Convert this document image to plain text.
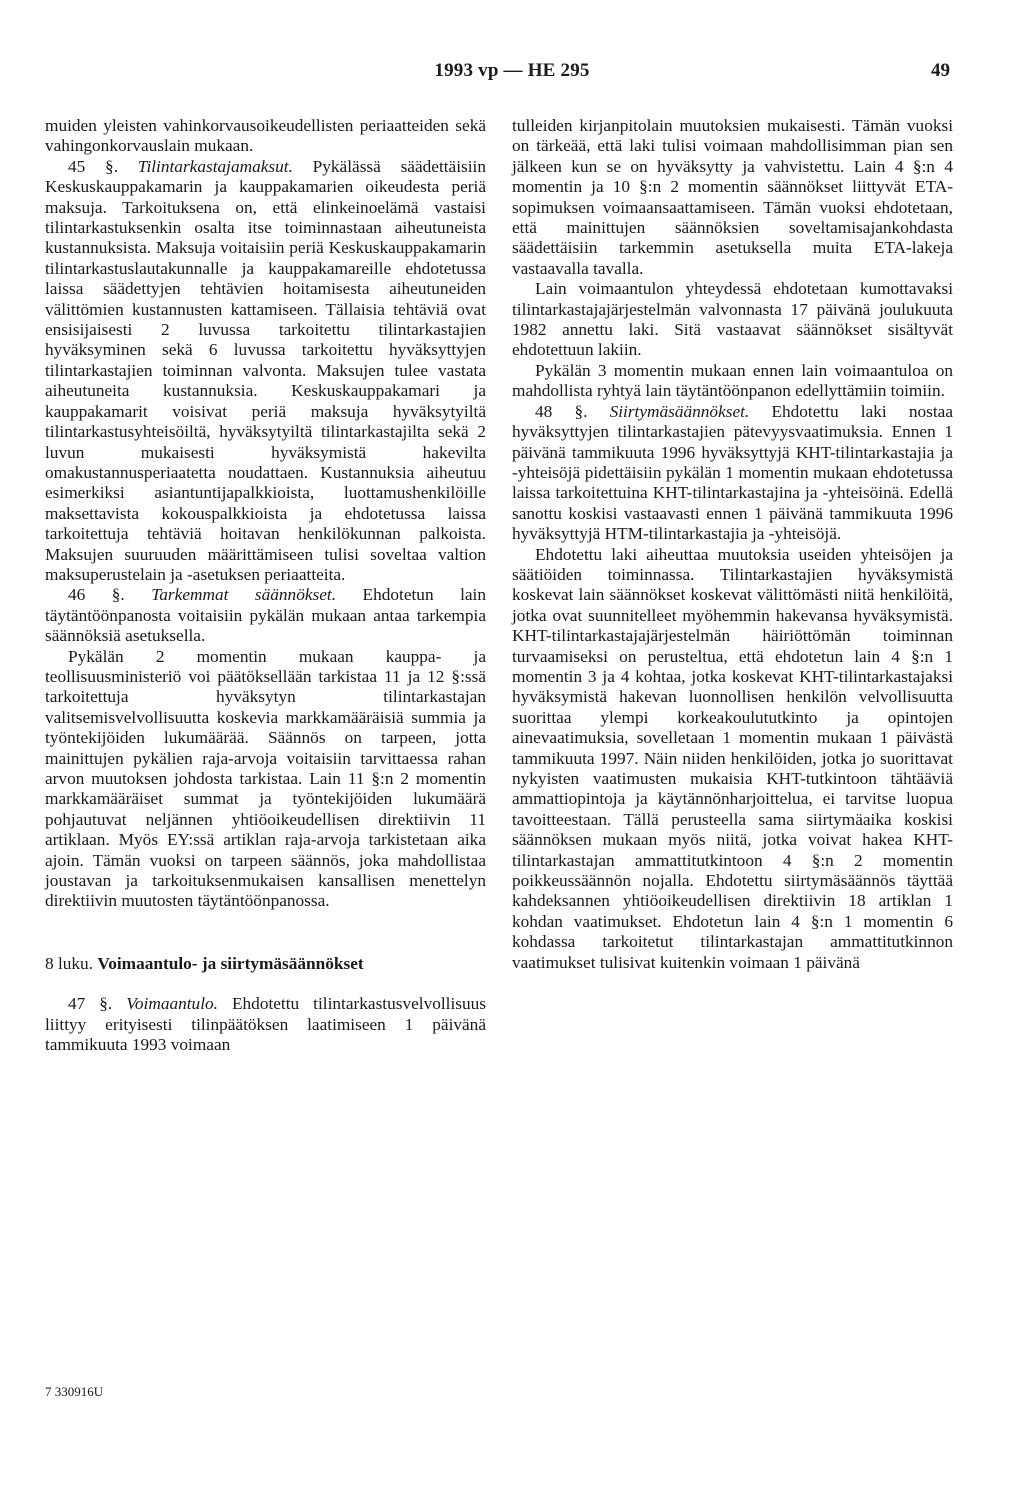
1993 vp — HE 295	49

muiden yleisten vahinkorvausoikeudellisten periaatteiden sekä vahingonkorvauslain mukaan.

45 §. Tilintarkastajamaksut. Pykälässä säädettäisiin Keskuskauppakamarin ja kauppakamarien oikeudesta periä maksuja. Tarkoituksena on, että elinkeinoelämä vastaisi tilintarkastuksenkin osalta itse toiminnastaan aiheutuneista kustannuksista. Maksuja voitaisiin periä Keskuskauppakamarin tilintarkastuslautakunnalle ja kauppakamareille ehdotetussa laissa säädettyjen tehtävien hoitamisesta aiheutuneiden välittömien kustannusten kattamiseen. Tällaisia tehtäviä ovat ensisijaisesti 2 luvussa tarkoitettu tilintarkastajien hyväksyminen sekä 6 luvussa tarkoitettu hyväksyttyjen tilintarkastajien toiminnan valvonta. Maksujen tulee vastata aiheutuneita kustannuksia. Keskuskauppakamari ja kauppakamarit voisivat periä maksuja hyväksytyiltä tilintarkastusyhteisöiltä, hyväksytyiltä tilintarkastajilta sekä 2 luvun mukaisesti hyväksymistä hakevilta omakustannusperiaatetta noudattaen. Kustannuksia aiheutuu esimerkiksi asiantuntijapalkkioista, luottamushenkilöille maksettavista kokouspalkkioista ja ehdotetussa laissa tarkoitettuja tehtäviä hoitavan henkilökunnan palkoista. Maksujen suuruuden määrittämiseen tulisi soveltaa valtion maksuperustelain ja -asetuksen periaatteita.

46 §. Tarkemmat säännökset. Ehdotetun lain täytäntöönpanosta voitaisiin pykälän mukaan antaa tarkempia säännöksiä asetuksella.

Pykälän 2 momentin mukaan kauppa- ja teollisuusministeriö voi päätöksellään tarkistaa 11 ja 12 §:ssä tarkoitettuja hyväksytyn tilintarkastajan valitsemisvelvollisuutta koskevia markkamääräisiä summia ja työntekijöiden lukumäärää. Säännös on tarpeen, jotta mainittujen pykälien raja-arvoja voitaisiin tarvittaessa rahan arvon muutoksen johdosta tarkistaa. Lain 11 §:n 2 momentin markkamääräiset summat ja työntekijöiden lukumäärä pohjautuvat neljännen yhtiöoikeudellisen direktiivin 11 artiklaan. Myös EY:ssä artiklan raja-arvoja tarkistetaan aika ajoin. Tämän vuoksi on tarpeen säännös, joka mahdollistaa joustavan ja tarkoituksenmukaisen kansallisen menettelyn direktiivin muutosten täytäntöönpanossa.

8 luku. Voimaantulo- ja siirtymäsäännökset

47 §. Voimaantulo. Ehdotettu tilintarkastusvelvollisuus liittyy erityisesti tilinpäätöksen laatimiseen 1 päivänä tammikuuta 1993 voimaan

tulleiden kirjanpitolain muutoksien mukaisesti. Tämän vuoksi on tärkeää, että laki tulisi voimaan mahdollisimman pian sen jälkeen kun se on hyväksytty ja vahvistettu. Lain 4 §:n 4 momentin ja 10 §:n 2 momentin säännökset liittyvät ETA-sopimuksen voimaansaattamiseen. Tämän vuoksi ehdotetaan, että mainittujen säännöksien soveltamisajankohdasta säädettäisiin tarkemmin asetuksella muita ETA-lakeja vastaavalla tavalla.

Lain voimaantulon yhteydessä ehdotetaan kumottavaksi tilintarkastajajärjestelmän valvonnasta 17 päivänä joulukuuta 1982 annettu laki. Sitä vastaavat säännökset sisältyvät ehdotettuun lakiin.

Pykälän 3 momentin mukaan ennen lain voimaantuloa on mahdollista ryhtyä lain täytäntöönpanon edellyttämiin toimiin.

48 §. Siirtymäsäännökset. Ehdotettu laki nostaa hyväksyttyjen tilintarkastajien pätevyysvaatimuksia. Ennen 1 päivänä tammikuuta 1996 hyväksyttyjä KHT-tilintarkastajia ja -yhteisöjä pidettäisiin pykälän 1 momentin mukaan ehdotetussa laissa tarkoitettuina KHT-tilintarkastajina ja -yhteisöinä. Edellä sanottu koskisi vastaavasti ennen 1 päivänä tammikuuta 1996 hyväksyttyjä HTM-tilintarkastajia ja -yhteisöjä.

Ehdotettu laki aiheuttaa muutoksia useiden yhteisöjen ja säätiöiden toiminnassa. Tilintarkastajien hyväksymistä koskevat lain säännökset koskevat välittömästi niitä henkilöitä, jotka ovat suunnitelleet myöhemmin hakevansa hyväksymistä. KHT-tilintarkastajajärjestelmän häiriöttömän toiminnan turvaamiseksi on perusteltua, että ehdotetun lain 4 §:n 1 momentin 3 ja 4 kohtaa, jotka koskevat KHT-tilintarkastajaksi hyväksymistä hakevan luonnollisen henkilön velvollisuutta suorittaa ylempi korkeakoulututkinto ja opintojen ainevaatimuksia, sovelletaan 1 momentin mukaan 1 päivästä tammikuuta 1997. Näin niiden henkilöiden, jotka jo suorittavat nykyisten vaatimusten mukaisia KHT-tutkintoon tähtääviä ammattiopintoja ja käytännönharjoittelua, ei tarvitse luopua tavoitteestaan. Tällä perusteella sama siirtymäaika koskisi säännöksen mukaan myös niitä, jotka voivat hakea KHT-tilintarkastajan ammattitutkintoon 4 §:n 2 momentin poikkeussäännön nojalla. Ehdotettu siirtymäsäännös täyttää kahdeksannen yhtiöoikeudellisen direktiivin 18 artiklan 1 kohdan vaatimukset. Ehdotetun lain 4 §:n 1 momentin 6 kohdassa tarkoitetut tilintarkastajan ammattitutkinnon vaatimukset tulisivat kuitenkin voimaan 1 päivänä

7 330916U
